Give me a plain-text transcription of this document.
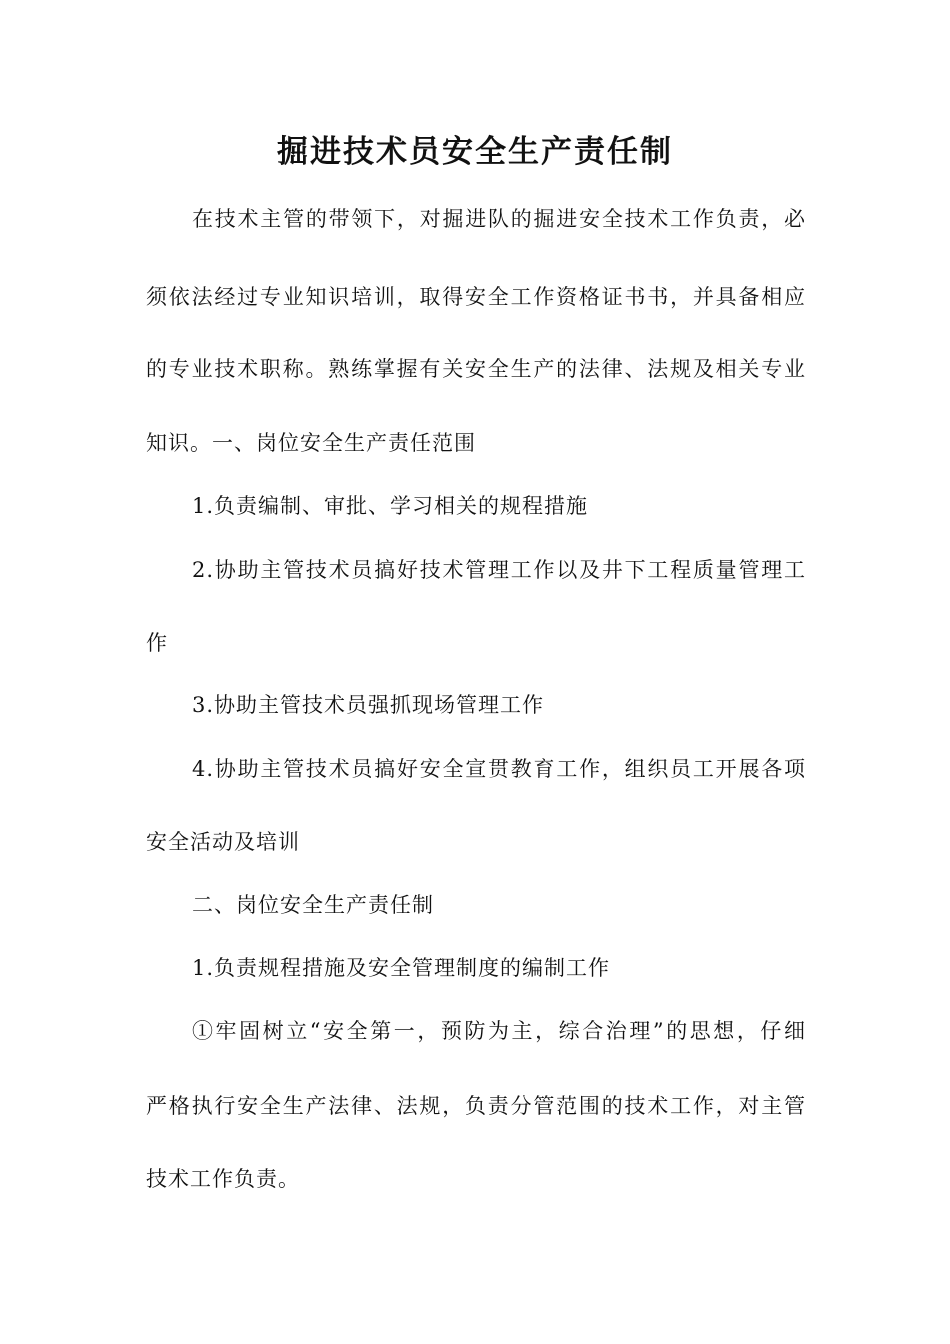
掘进技术员安全生产责任制
在技术主管的带领下，对掘进队的掘进安全技术工作负责，必
须依法经过专业知识培训，取得安全工作资格证书书，并具备相应
的专业技术职称。熟练掌握有关安全生产的法律、法规及相关专业
知识。一、岗位安全生产责任范围
1.负责编制、审批、学习相关的规程措施
2.协助主管技术员搞好技术管理工作以及井下工程质量管理工
作
3.协助主管技术员强抓现场管理工作
4.协助主管技术员搞好安全宣贯教育工作，组织员工开展各项
安全活动及培训
二、岗位安全生产责任制
1.负责规程措施及安全管理制度的编制工作
①牢固树立“安全第一，预防为主，综合治理”的思想，仔细
严格执行安全生产法律、法规，负责分管范围的技术工作，对主管
技术工作负责。
